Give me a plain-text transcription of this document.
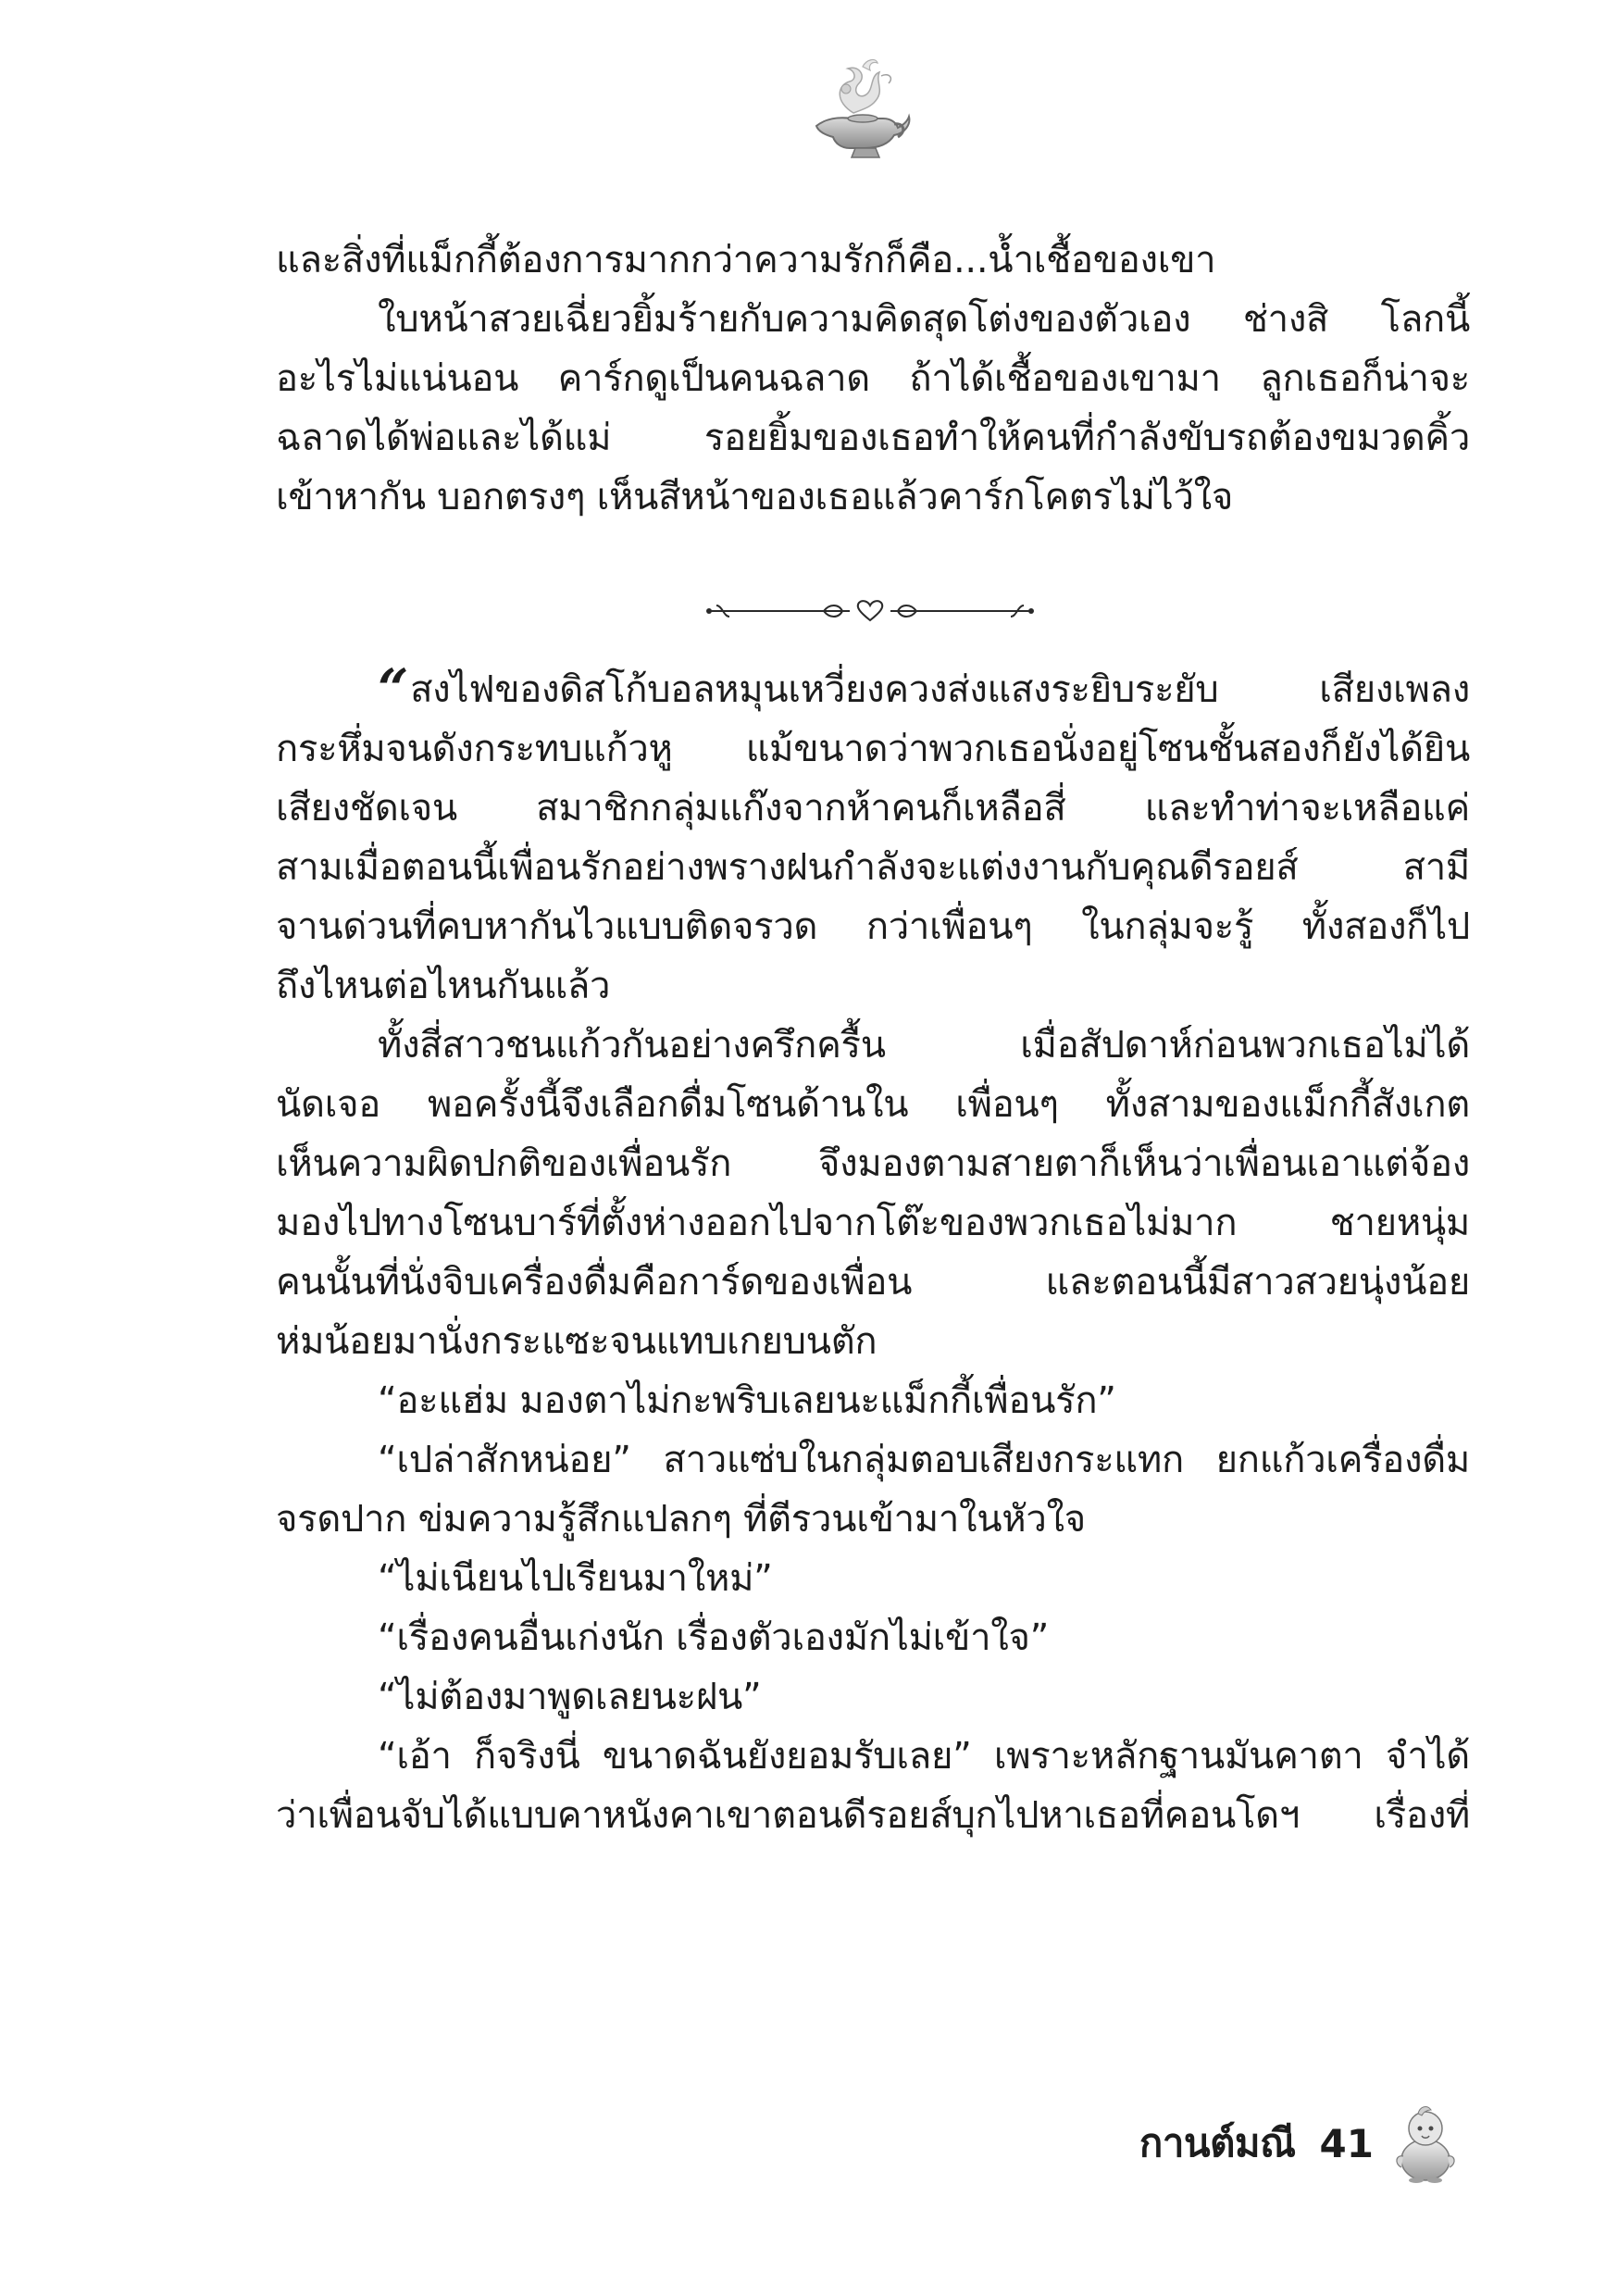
และสิ่งที่แม็กกี้ต้องการมากกว่าความรักก็คือ...น้ำเชื้อของเขา
ใบหน้าสวยเฉี่ยวยิ้มร้ายกับความคิดสุดโต่งของตัวเอง ช่างสิ โลกนี้
อะไรไม่แน่นอน คาร์กดูเป็นคนฉลาด ถ้าได้เชื้อของเขามา ลูกเธอก็น่าจะ
ฉลาดได้พ่อและได้แม่ รอยยิ้มของเธอทำให้คนที่กำลังขับรถต้องขมวดคิ้ว
เข้าหากัน บอกตรงๆ เห็นสีหน้าของเธอแล้วคาร์กโคตรไม่ไว้ใจ
“สงไฟของดิสโก้บอลหมุนเหวี่ยงควงส่งแสงระยิบระยับ เสียงเพลง
กระหึ่มจนดังกระทบแก้วหู แม้ขนาดว่าพวกเธอนั่งอยู่โซนชั้นสองก็ยังได้ยิน
เสียงชัดเจน สมาชิกกลุ่มแก๊งจากห้าคนก็เหลือสี่ และทำท่าจะเหลือแค่
สามเมื่อตอนนี้เพื่อนรักอย่างพรางฝนกำลังจะแต่งงานกับคุณดีรอยส์ สามี
จานด่วนที่คบหากันไวแบบติดจรวด กว่าเพื่อนๆ ในกลุ่มจะรู้ ทั้งสองก็ไป
ถึงไหนต่อไหนกันแล้ว
ทั้งสี่สาวชนแก้วกันอย่างครึกครื้น เมื่อสัปดาห์ก่อนพวกเธอไม่ได้
นัดเจอ พอครั้งนี้จึงเลือกดื่มโซนด้านใน เพื่อนๆ ทั้งสามของแม็กกี้สังเกต
เห็นความผิดปกติของเพื่อนรัก จึงมองตามสายตาก็เห็นว่าเพื่อนเอาแต่จ้อง
มองไปทางโซนบาร์ที่ตั้งห่างออกไปจากโต๊ะของพวกเธอไม่มาก ชายหนุ่ม
คนนั้นที่นั่งจิบเครื่องดื่มคือการ์ดของเพื่อน และตอนนี้มีสาวสวยนุ่งน้อย
ห่มน้อยมานั่งกระแซะจนแทบเกยบนตัก
“อะแฮ่ม มองตาไม่กะพริบเลยนะแม็กกี้เพื่อนรัก”
“เปล่าสักหน่อย” สาวแซ่บในกลุ่มตอบเสียงกระแทก ยกแก้วเครื่องดื่ม
จรดปาก ข่มความรู้สึกแปลกๆ ที่ตีรวนเข้ามาในหัวใจ
“ไม่เนียนไปเรียนมาใหม่”
“เรื่องคนอื่นเก่งนัก เรื่องตัวเองมักไม่เข้าใจ”
“ไม่ต้องมาพูดเลยนะฝน”
“เอ้า ก็จริงนี่ ขนาดฉันยังยอมรับเลย” เพราะหลักฐานมันคาตา จำได้
ว่าเพื่อนจับได้แบบคาหนังคาเขาตอนดีรอยส์บุกไปหาเธอที่คอนโดฯ เรื่องที่
กานต์มณี 41
